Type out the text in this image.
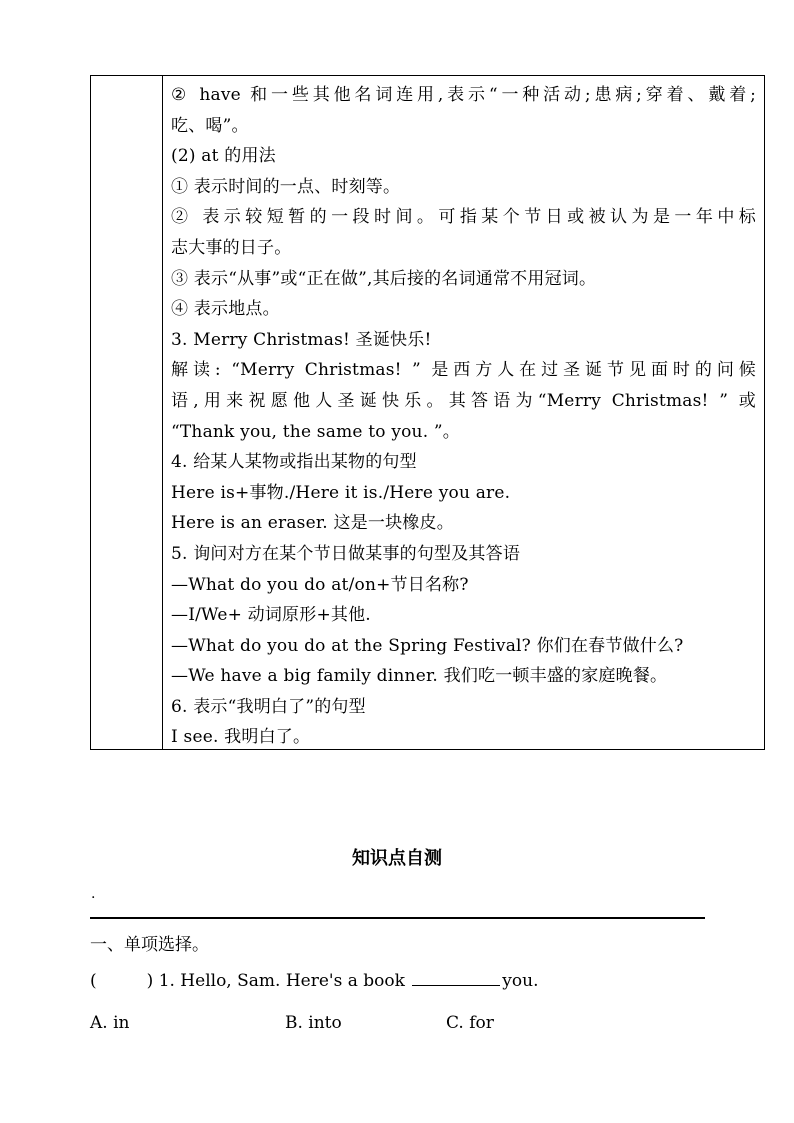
② have 和一些其他名词连用,表示“一种活动;患病;穿着、戴着;
吃、喝”。
(2) at 的用法
① 表示时间的一点、时刻等。
② 表示较短暂的一段时间。可指某个节日或被认为是一年中标
志大事的日子。
③ 表示“从事”或“正在做”,其后接的名词通常不用冠词。
④ 表示地点。
3. Merry Christmas! 圣诞快乐!
解读: “Merry Christmas! ” 是西方人在过圣诞节见面时的问候
语,用来祝愿他人圣诞快乐。其答语为“Merry Christmas! ” 或
“Thank you, the same to you. ”。
4. 给某人某物或指出某物的句型
Here is+事物./Here it is./Here you are.
Here is an eraser. 这是一块橡皮。
5. 询问对方在某个节日做某事的句型及其答语
—What do you do at/on+节日名称?
—I/We+ 动词原形+其他.
—What do you do at the Spring Festival? 你们在春节做什么?
—We have a big family dinner. 我们吃一顿丰盛的家庭晚餐。
6. 表示“我明白了”的句型
I see. 我明白了。
知识点自测
.
一、单项选择。
(	) 1. Hello, Sam. Here's a book	you.
A. in	B. into	C. for
